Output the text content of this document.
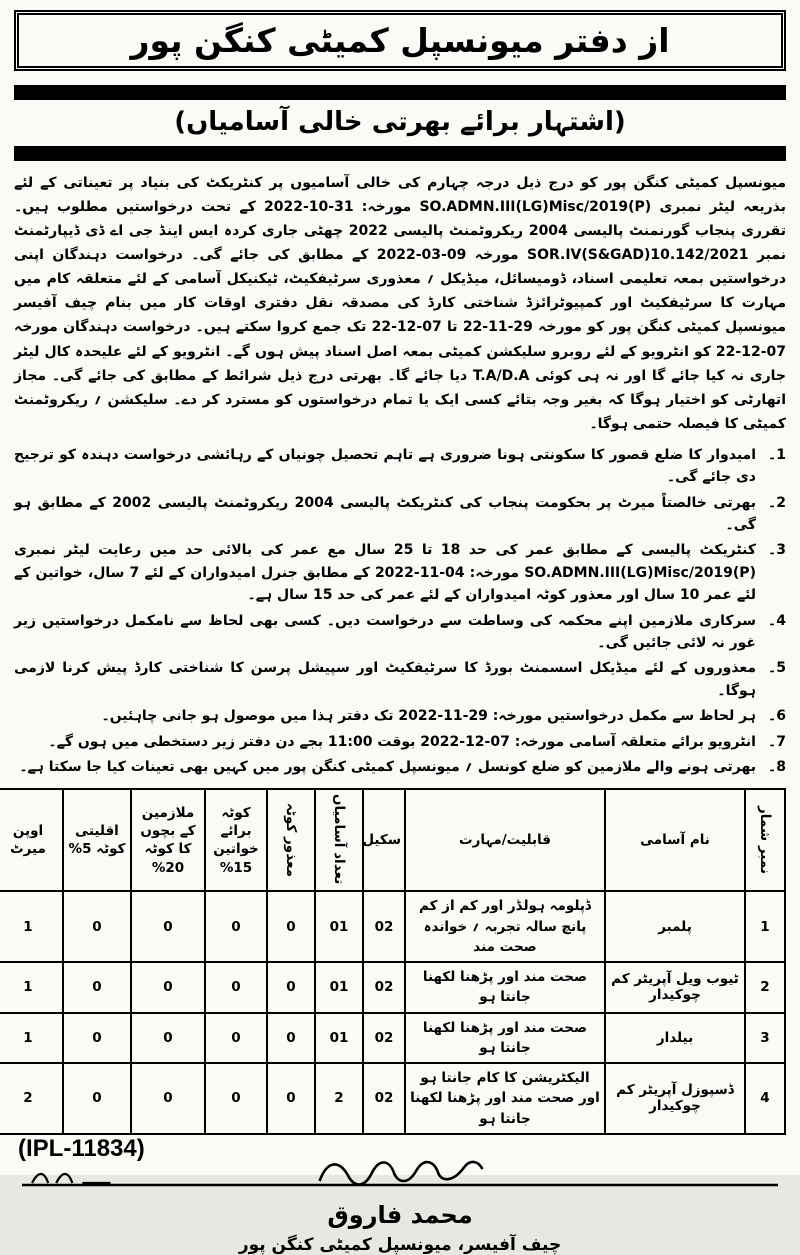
از دفتر میونسپل کمیٹی کنگن پور
(اشتہار برائے بھرتی خالی آسامیاں)
میونسپل کمیٹی کنگن پور کو درج ذیل درجہ چہارم کی خالی آسامیوں پر کنٹریکٹ کی بنیاد پر تعیناتی کے لئے بذریعہ لیٹر نمبری SO.ADMN.III(LG)Misc/2019(P) مورخہ: 31-10-2022 کے تحت درخواستیں مطلوب ہیں۔ تقرری پنجاب گورنمنٹ پالیسی 2004 ریکروٹمنٹ پالیسی 2022 چھٹی جاری کردہ ایس اینڈ جی اے ڈی ڈیپارٹمنٹ نمبر SOR.IV(S&GAD)10.142/2021 مورخہ 09-03-2022 کے مطابق کی جائے گی۔ درخواست دہندگان اپنی درخواستیں بمعہ تعلیمی اسناد، ڈومیسائل، میڈیکل ؍ معذوری سرٹیفکیٹ، ٹیکنیکل آسامی کے لئے متعلقہ کام میں مہارت کا سرٹیفکیٹ اور کمپیوٹرائزڈ شناختی کارڈ کی مصدقہ نقل دفتری اوقات کار میں بنام چیف آفیسر میونسپل کمیٹی کنگن پور کو مورخہ 29-11-22 تا 07-12-22 تک جمع کروا سکتے ہیں۔ درخواست دہندگان مورخہ 07-12-22 کو انٹرویو کے لئے روبرو سلیکشن کمیٹی بمعہ اصل اسناد پیش ہوں گے۔ انٹرویو کے لئے علیحدہ کال لیٹر جاری نہ کیا جائے گا اور نہ ہی کوئی T.A/D.A دیا جائے گا۔ بھرتی درج ذیل شرائط کے مطابق کی جائے گی۔ مجاز اتھارٹی کو اختیار ہوگا کہ بغیر وجہ بتائے کسی ایک یا تمام درخواستوں کو مسترد کر دے۔ سلیکشن ؍ ریکروٹمنٹ کمیٹی کا فیصلہ حتمی ہوگا۔
1۔
امیدوار کا ضلع قصور کا سکونتی ہونا ضروری ہے تاہم تحصیل چونیاں کے رہائشی درخواست دہندہ کو ترجیح دی جائے گی۔
2۔
بھرتی خالصتاً میرٹ پر بحکومت پنجاب کی کنٹریکٹ پالیسی 2004 ریکروٹمنٹ پالیسی 2002 کے مطابق ہو گی۔
3۔
کنٹریکٹ پالیسی کے مطابق عمر کی حد 18 تا 25 سال مع عمر کی بالائی حد میں رعایت لیٹر نمبری SO.ADMN.III(LG)Misc/2019(P) مورخہ: 04-11-2022 کے مطابق جنرل امیدواران کے لئے 7 سال، خواتین کے لئے عمر 10 سال اور معذور کوٹہ امیدواران کے لئے عمر کی حد 15 سال ہے۔
4۔
سرکاری ملازمین اپنے محکمہ کی وساطت سے درخواست دیں۔ کسی بھی لحاظ سے نامکمل درخواستیں زیر غور نہ لائی جائیں گی۔
5۔
معذوروں کے لئے میڈیکل اسسمنٹ بورڈ کا سرٹیفکیٹ اور سپیشل پرسن کا شناختی کارڈ پیش کرنا لازمی ہوگا۔
6۔
ہر لحاظ سے مکمل درخواستیں مورخہ: 29-11-2022 تک دفتر ہذا میں موصول ہو جانی چاہئیں۔
7۔
انٹرویو برائے متعلقہ آسامی مورخہ: 07-12-2022 بوقت 11:00 بجے دن دفتر زیر دستخطی میں ہوں گے۔
8۔
بھرتی ہونے والے ملازمین کو ضلع کونسل ؍ میونسپل کمیٹی کنگن پور میں کہیں بھی تعینات کیا جا سکتا ہے۔
نمبر شمار	نام آسامی	قابلیت/مہارت	سکیل	تعداد آسامیاں	معذور کوٹہ	کوٹہ برائے خواتین 15%	ملازمین کے بچوں کا کوٹہ 20%	اقلیتی کوٹہ 5%	اوپن میرٹ
1	پلمبر	ڈپلومہ ہولڈر اور کم از کم پانچ سالہ تجربہ ؍ خواندہ صحت مند	02	01	0	0	0	0	1
2	ٹیوب ویل آپریٹر کم چوکیدار	صحت مند اور پڑھنا لکھنا جانتا ہو	02	01	0	0	0	0	1
3	بیلدار	صحت مند اور پڑھنا لکھنا جانتا ہو	02	01	0	0	0	0	1
4	ڈسپوزل آپریٹر کم چوکیدار	الیکٹریشن کا کام جانتا ہو اور صحت مند اور پڑھنا لکھنا جانتا ہو	02	2	0	0	0	0	2
محمد فاروق
چیف آفیسر، میونسپل کمیٹی کنگن پور
(IPL-11834)
